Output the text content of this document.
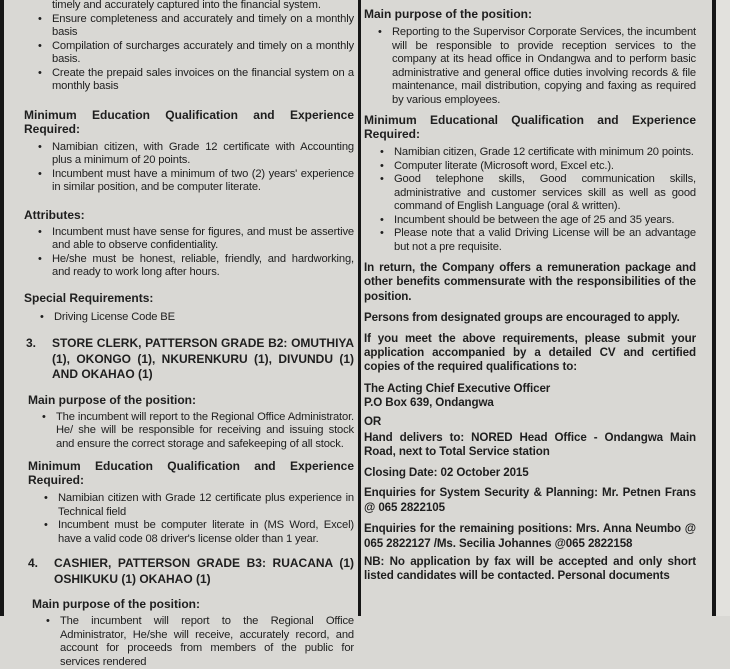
timely and accurately captured into the financial system.
• Ensure completeness and accurately and timely on a monthly basis
• Compilation of surcharges accurately and timely on a monthly basis.
• Create the prepaid sales invoices on the financial system on a monthly basis

Minimum Education Qualification and Experience Required:

• Namibian citizen, with Grade 12 certificate with Accounting plus a minimum of 20 points.
• Incumbent must have a minimum of two (2) years' experience in similar position, and be computer literate.

Attributes:

• Incumbent must have sense for figures, and must be assertive and able to observe confidentiality.
• He/she must be honest, reliable, friendly, and hardworking, and ready to work long after hours.

Special Requirements:

• Driving License Code BE
3.	STORE CLERK, PATTERSON GRADE B2: OMUTHIYA (1), OKONGO (1), NKURENKURU (1), DIVUNDU (1) AND OKAHAO (1)

Main purpose of the position:

• The incumbent will report to the Regional Office Administrator. He/ she will be responsible for receiving and issuing stock and ensure the correct storage and safekeeping of all stock.

Minimum Education Qualification and Experience Required:

• Namibian citizen with Grade 12 certificate plus experience in Technical field
• Incumbent must be computer literate in (MS Word, Excel) have a valid code 08 driver's license older than 1 year.
4.	CASHIER, PATTERSON GRADE B3: RUACANA (1) OSHIKUKU (1) OKAHAO (1)

Main purpose of the position:

• The incumbent will report to the Regional Office Administrator, He/she will receive, accurately record, and account for proceeds from members of the public for services rendered

Main purpose of the position:

• Reporting to the Supervisor Corporate Services, the incumbent will be responsible to provide reception services to the company at its head office in Ondangwa and to perform basic administrative and general office duties involving records & file maintenance, mail distribution, copying and faxing as required by various employees.

Minimum Educational Qualification and Experience Required:

• Namibian citizen, Grade 12 certificate with minimum 20 points.
• Computer literate (Microsoft word, Excel etc.).
• Good telephone skills, Good communication skills, administrative and customer services skill as well as good command of English Language (oral & written).
• Incumbent should be between the age of 25 and 35 years.
• Please note that a valid Driving License will be an advantage but not a pre requisite.

In return, the Company offers a remuneration package and other benefits commensurate with the responsibilities of the position.

Persons from designated groups are encouraged to apply.

If you meet the above requirements, please submit your application accompanied by a detailed CV and certified copies of the required qualifications to:

The Acting Chief Executive Officer

P.O Box 639, Ondangwa

OR

Hand delivers to: NORED Head Office - Ondangwa Main Road, next to Total Service station

Closing Date: 02 October 2015

Enquiries for System Security & Planning: Mr. Petnen Frans @ 065 2822105

Enquiries for the remaining positions: Mrs. Anna Neumbo @ 065 2822127 /Ms. Secilia Johannes @065 2822158

NB: No application by fax will be accepted and only short listed candidates will be contacted. Personal documents
